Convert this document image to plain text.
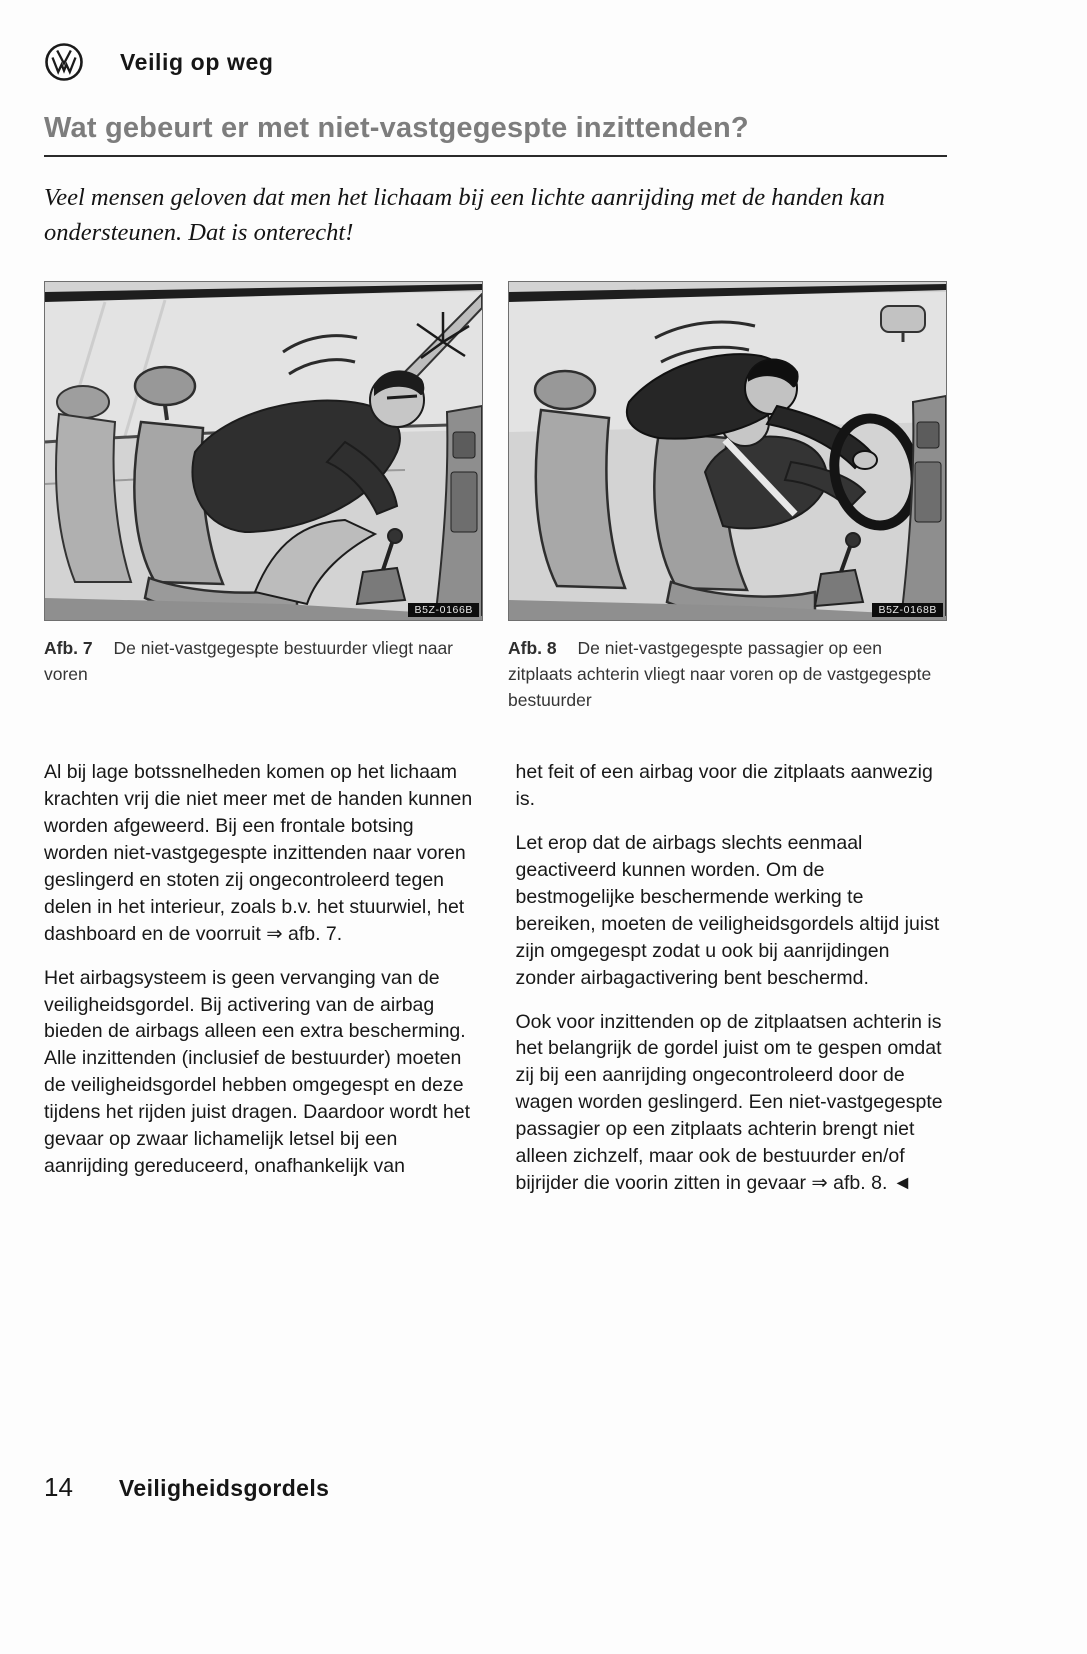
Veilig op weg
Wat gebeurt er met niet-vastgegespte inzittenden?

Veel mensen geloven dat men het lichaam bij een lichte aanrijding met de handen kan ondersteunen. Dat is onterecht!

B5Z-0166B
Afb. 7 De niet-vastgegespte bestuurder vliegt naar voren
B5Z-0168B
Afb. 8 De niet-vastgegespte passagier op een zitplaats achterin vliegt naar voren op de vastgegespte bestuurder

Al bij lage botssnelheden komen op het lichaam krachten vrij die niet meer met de handen kunnen worden afgeweerd. Bij een frontale botsing worden niet-vastgegespte inzittenden naar voren geslingerd en stoten zij ongecontroleerd tegen delen in het interieur, zoals b.v. het stuurwiel, het dashboard en de voorruit ⇒ afb. 7.

Het airbagsysteem is geen vervanging van de veiligheidsgordel. Bij activering van de airbag bieden de airbags alleen een extra bescherming. Alle inzittenden (inclusief de bestuurder) moeten de veiligheidsgordel hebben omgegespt en deze tijdens het rijden juist dragen. Daardoor wordt het gevaar op zwaar lichamelijk letsel bij een aanrijding gereduceerd, onafhankelijk van

het feit of een airbag voor die zitplaats aanwezig is.

Let erop dat de airbags slechts eenmaal geactiveerd kunnen worden. Om de bestmogelijke beschermende werking te bereiken, moeten de veiligheidsgordels altijd juist zijn omgegespt zodat u ook bij aanrijdingen zonder airbagactivering bent beschermd.

Ook voor inzittenden op de zitplaatsen achterin is het belangrijk de gordel juist om te gespen omdat zij bij een aanrijding ongecontroleerd door de wagen worden geslingerd. Een niet-vastgegespte passagier op een zitplaats achterin brengt niet alleen zichzelf, maar ook de bestuurder en/of bijrijder die voorin zitten in gevaar ⇒ afb. 8. ◄

14 Veiligheidsgordels
